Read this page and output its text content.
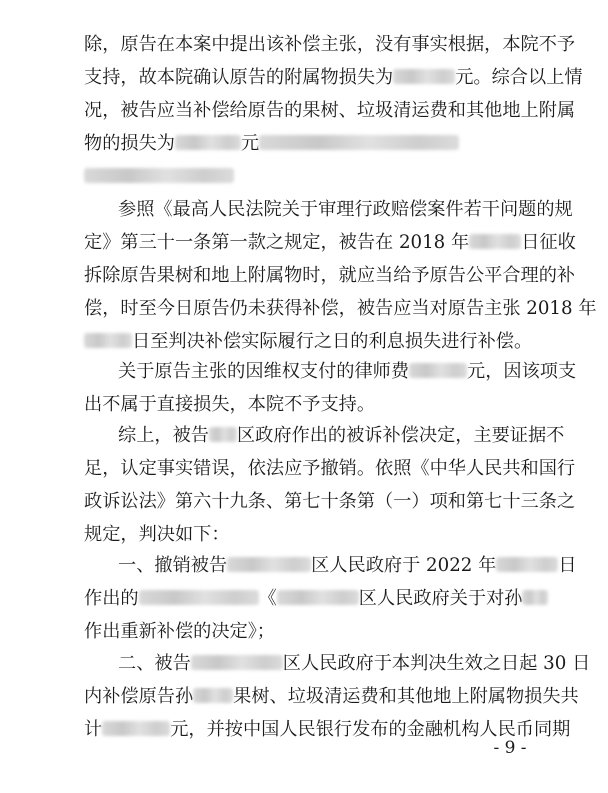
除，原告在本案中提出该补偿主张，没有事实根据，本院不予
支持，故本院确认原告的附属物损失为	元。综合以上情
况，被告应当补偿给原告的果树、垃圾清运费和其他地上附属
物的损失为	元
参照《最高人民法院关于审理行政赔偿案件若干问题的规
定》第三十一条第一款之规定，被告在 2018 年	日征收
拆除原告果树和地上附属物时，就应当给予原告公平合理的补
偿，时至今日原告仍未获得补偿，被告应当对原告主张 2018 年
日至判决补偿实际履行之日的利息损失进行补偿。
关于原告主张的因维权支付的律师费	元，因该项支
出不属于直接损失，本院不予支持。
综上，被告 区政府作出的被诉补偿决定，主要证据不
足，认定事实错误，依法应予撤销。依照《中华人民共和国行
政诉讼法》第六十九条、第七十条第（一）项和第七十三条之
规定，判决如下：
一、撤销被告	区人民政府于 2022 年	日
作出的	《	区人民政府关于对孙
作出重新补偿的决定》；
二、被告	区人民政府于本判决生效之日起 30 日
内补偿原告孙 果树、垃圾清运费和其他地上附属物损失共
计	元，并按中国人民银行发布的金融机构人民币同期
- 9 -
